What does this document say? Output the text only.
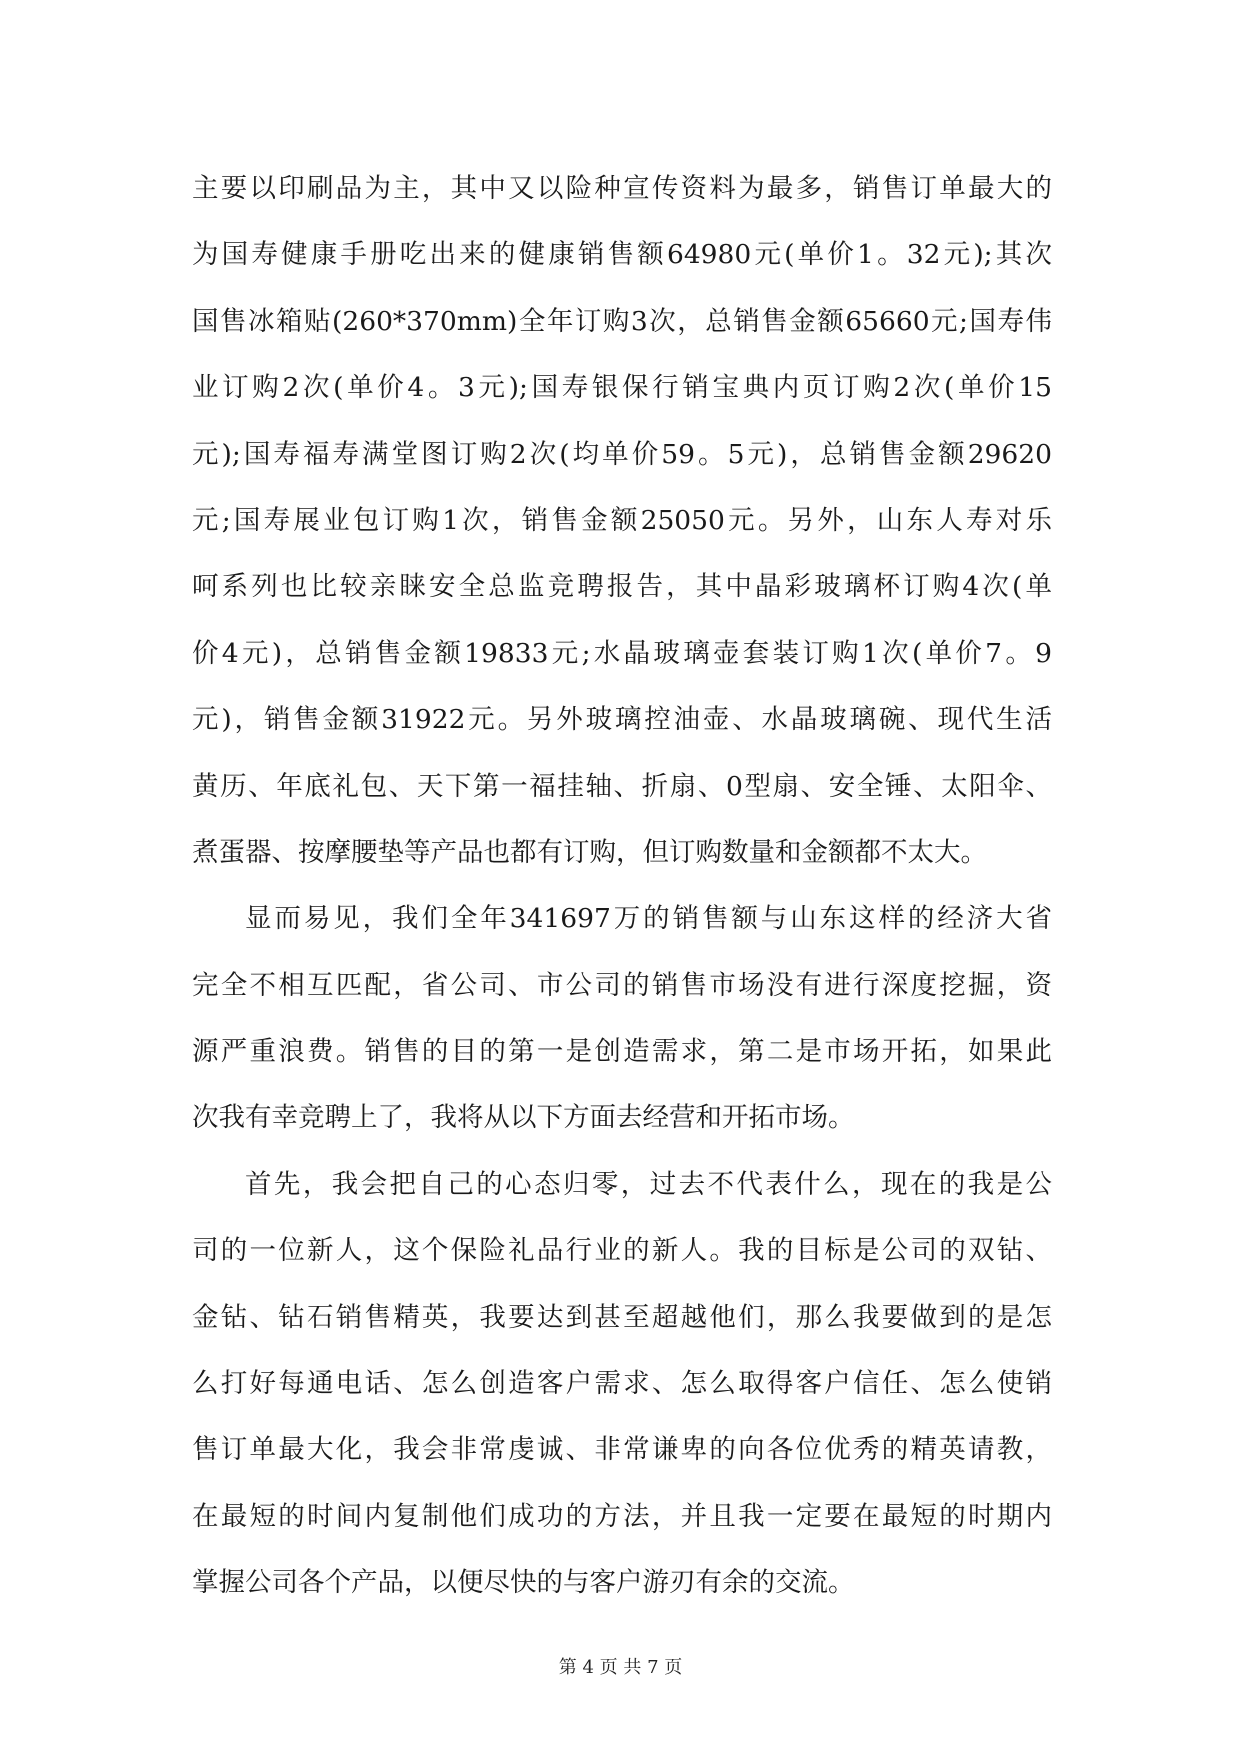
主要以印刷品为主，其中又以险种宣传资料为最多，销售订单最大的
为国寿健康手册吃出来的健康销售额64980元(单价1。32元);其次
国售冰箱贴(260*370mm)全年订购3次，总销售金额65660元;国寿伟
业订购2次(单价4。3元);国寿银保行销宝典内页订购2次(单价15
元);国寿福寿满堂图订购2次(均单价59。5元)，总销售金额29620
元;国寿展业包订购1次，销售金额25050元。另外，山东人寿对乐
呵系列也比较亲睐安全总监竞聘报告，其中晶彩玻璃杯订购4次(单
价4元)，总销售金额19833元;水晶玻璃壶套装订购1次(单价7。9
元)，销售金额31922元。另外玻璃控油壶、水晶玻璃碗、现代生活
黄历、年底礼包、天下第一福挂轴、折扇、0型扇、安全锤、太阳伞、
煮蛋器、按摩腰垫等产品也都有订购，但订购数量和金额都不太大。
显而易见，我们全年341697万的销售额与山东这样的经济大省
完全不相互匹配，省公司、市公司的销售市场没有进行深度挖掘，资
源严重浪费。销售的目的第一是创造需求，第二是市场开拓，如果此
次我有幸竞聘上了，我将从以下方面去经营和开拓市场。
首先，我会把自己的心态归零，过去不代表什么，现在的我是公
司的一位新人，这个保险礼品行业的新人。我的目标是公司的双钻、
金钻、钻石销售精英，我要达到甚至超越他们，那么我要做到的是怎
么打好每通电话、怎么创造客户需求、怎么取得客户信任、怎么使销
售订单最大化，我会非常虔诚、非常谦卑的向各位优秀的精英请教，
在最短的时间内复制他们成功的方法，并且我一定要在最短的时期内
掌握公司各个产品，以便尽快的与客户游刃有余的交流。
第 4 页 共 7 页
